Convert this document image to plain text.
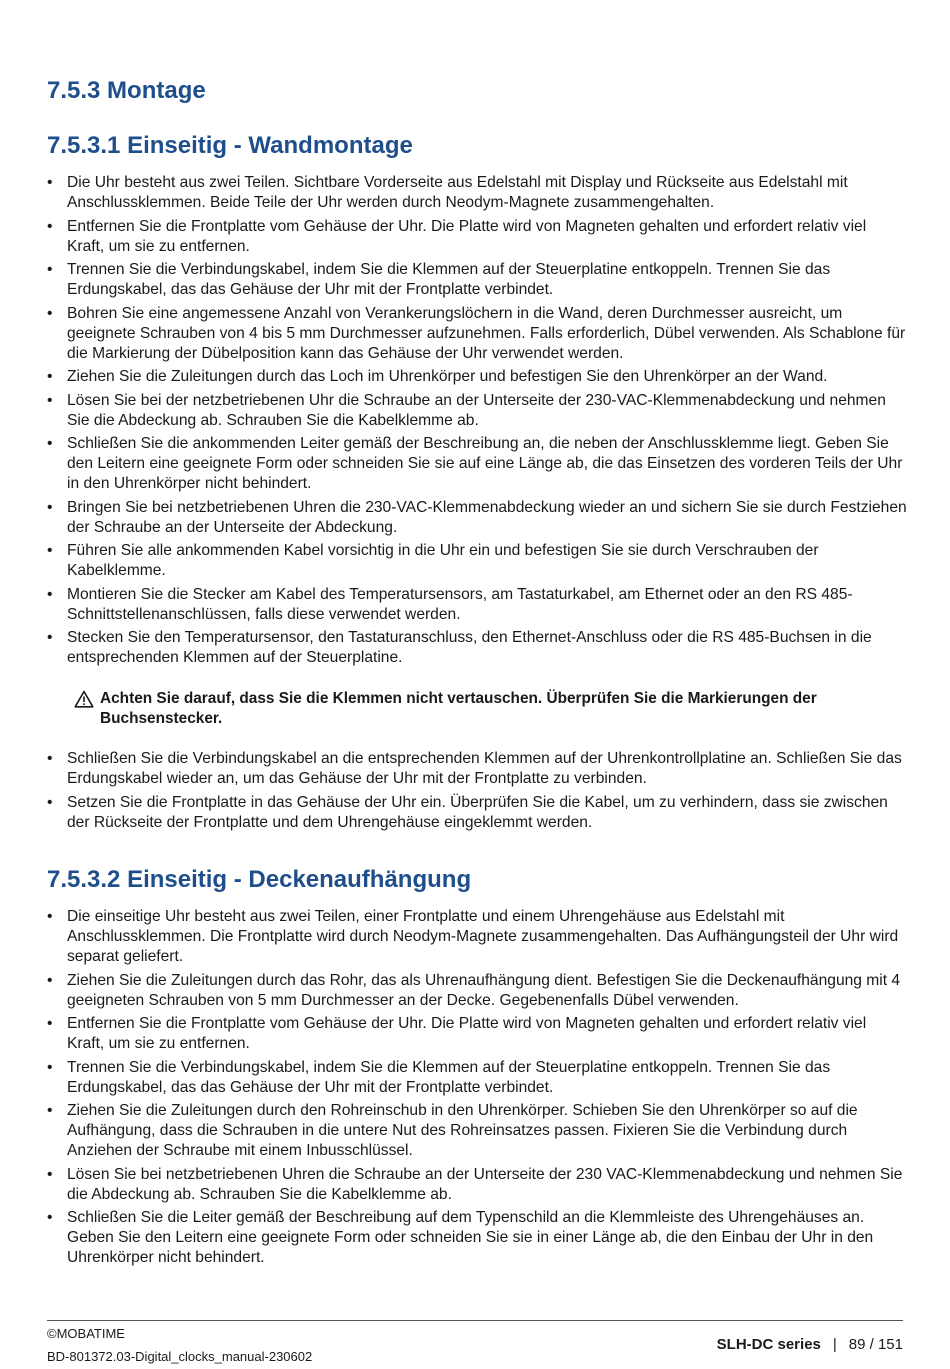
7.5.3 Montage
7.5.3.1 Einseitig - Wandmontage
• Die Uhr besteht aus zwei Teilen. Sichtbare Vorderseite aus Edelstahl mit Display und Rückseite aus Edelstahl mit Anschlussklemmen. Beide Teile der Uhr werden durch Neodym-Magnete zusammengehalten.
• Entfernen Sie die Frontplatte vom Gehäuse der Uhr. Die Platte wird von Magneten gehalten und erfordert relativ viel Kraft, um sie zu entfernen.
• Trennen Sie die Verbindungskabel, indem Sie die Klemmen auf der Steuerplatine entkoppeln. Trennen Sie das Erdungskabel, das das Gehäuse der Uhr mit der Frontplatte verbindet.
• Bohren Sie eine angemessene Anzahl von Verankerungslöchern in die Wand, deren Durchmesser ausreicht, um geeignete Schrauben von 4 bis 5 mm Durchmesser aufzunehmen. Falls erforderlich, Dübel verwenden. Als Schablone für die Markierung der Dübelposition kann das Gehäuse der Uhr verwendet werden.
• Ziehen Sie die Zuleitungen durch das Loch im Uhrenkörper und befestigen Sie den Uhrenkörper an der Wand.
• Lösen Sie bei der netzbetriebenen Uhr die Schraube an der Unterseite der 230-VAC-Klemmenabdeckung und nehmen Sie die Abdeckung ab. Schrauben Sie die Kabelklemme ab.
• Schließen Sie die ankommenden Leiter gemäß der Beschreibung an, die neben der Anschlussklemme liegt. Geben Sie den Leitern eine geeignete Form oder schneiden Sie sie auf eine Länge ab, die das Einsetzen des vorderen Teils der Uhr in den Uhrenkörper nicht behindert.
• Bringen Sie bei netzbetriebenen Uhren die 230-VAC-Klemmenabdeckung wieder an und sichern Sie sie durch Festziehen der Schraube an der Unterseite der Abdeckung.
• Führen Sie alle ankommenden Kabel vorsichtig in die Uhr ein und befestigen Sie sie durch Verschrauben der Kabelklemme.
• Montieren Sie die Stecker am Kabel des Temperatursensors, am Tastaturkabel, am Ethernet oder an den RS 485-Schnittstellenanschlüssen, falls diese verwendet werden.
• Stecken Sie den Temperatursensor, den Tastaturanschluss, den Ethernet-Anschluss oder die RS 485-Buchsen in die entsprechenden Klemmen auf der Steuerplatine.
Achten Sie darauf, dass Sie die Klemmen nicht vertauschen. Überprüfen Sie die Markierungen der Buchsenstecker.
• Schließen Sie die Verbindungskabel an die entsprechenden Klemmen auf der Uhrenkontrollplatine an. Schließen Sie das Erdungskabel wieder an, um das Gehäuse der Uhr mit der Frontplatte zu verbinden.
• Setzen Sie die Frontplatte in das Gehäuse der Uhr ein. Überprüfen Sie die Kabel, um zu verhindern, dass sie zwischen der Rückseite der Frontplatte und dem Uhrengehäuse eingeklemmt werden.
7.5.3.2 Einseitig - Deckenaufhängung
• Die einseitige Uhr besteht aus zwei Teilen, einer Frontplatte und einem Uhrengehäuse aus Edelstahl mit Anschlussklemmen. Die Frontplatte wird durch Neodym-Magnete zusammengehalten. Das Aufhängungsteil der Uhr wird separat geliefert.
• Ziehen Sie die Zuleitungen durch das Rohr, das als Uhrenaufhängung dient. Befestigen Sie die Deckenaufhängung mit 4 geeigneten Schrauben von 5 mm Durchmesser an der Decke. Gegebenenfalls Dübel verwenden.
• Entfernen Sie die Frontplatte vom Gehäuse der Uhr. Die Platte wird von Magneten gehalten und erfordert relativ viel Kraft, um sie zu entfernen.
• Trennen Sie die Verbindungskabel, indem Sie die Klemmen auf der Steuerplatine entkoppeln. Trennen Sie das Erdungskabel, das das Gehäuse der Uhr mit der Frontplatte verbindet.
• Ziehen Sie die Zuleitungen durch den Rohreinschub in den Uhrenkörper. Schieben Sie den Uhrenkörper so auf die Aufhängung, dass die Schrauben in die untere Nut des Rohreinsatzes passen. Fixieren Sie die Verbindung durch Anziehen der Schraube mit einem Inbusschlüssel.
• Lösen Sie bei netzbetriebenen Uhren die Schraube an der Unterseite der 230 VAC-Klemmenabdeckung und nehmen Sie die Abdeckung ab. Schrauben Sie die Kabelklemme ab.
• Schließen Sie die Leiter gemäß der Beschreibung auf dem Typenschild an die Klemmleiste des Uhrengehäuses an. Geben Sie den Leitern eine geeignete Form oder schneiden Sie sie in einer Länge ab, die den Einbau der Uhr in den Uhrenkörper nicht behindert.
©MOBATIME
BD-801372.03-Digital_clocks_manual-230602
SLH-DC series | 89 / 151
